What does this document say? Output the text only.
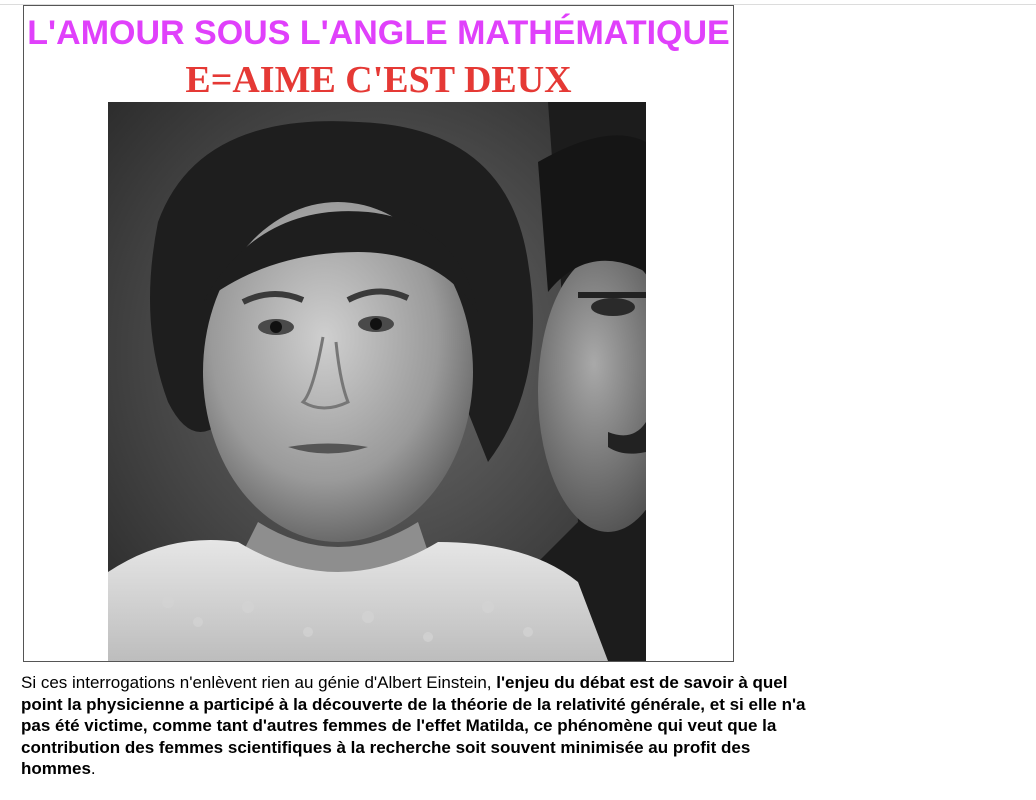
L'AMOUR SOUS L'ANGLE MATHÉMATIQUE
E=AIME C'EST DEUX
Si ces interrogations n'enlèvent rien au génie d'Albert Einstein, l'enjeu du débat est de savoir à quel point la physicienne a participé à la découverte de la théorie de la relativité générale, et si elle n'a pas été victime, comme tant d'autres femmes de l'effet Matilda, ce phénomène qui veut que la contribution des femmes scientifiques à la recherche soit souvent minimisée au profit des hommes.
